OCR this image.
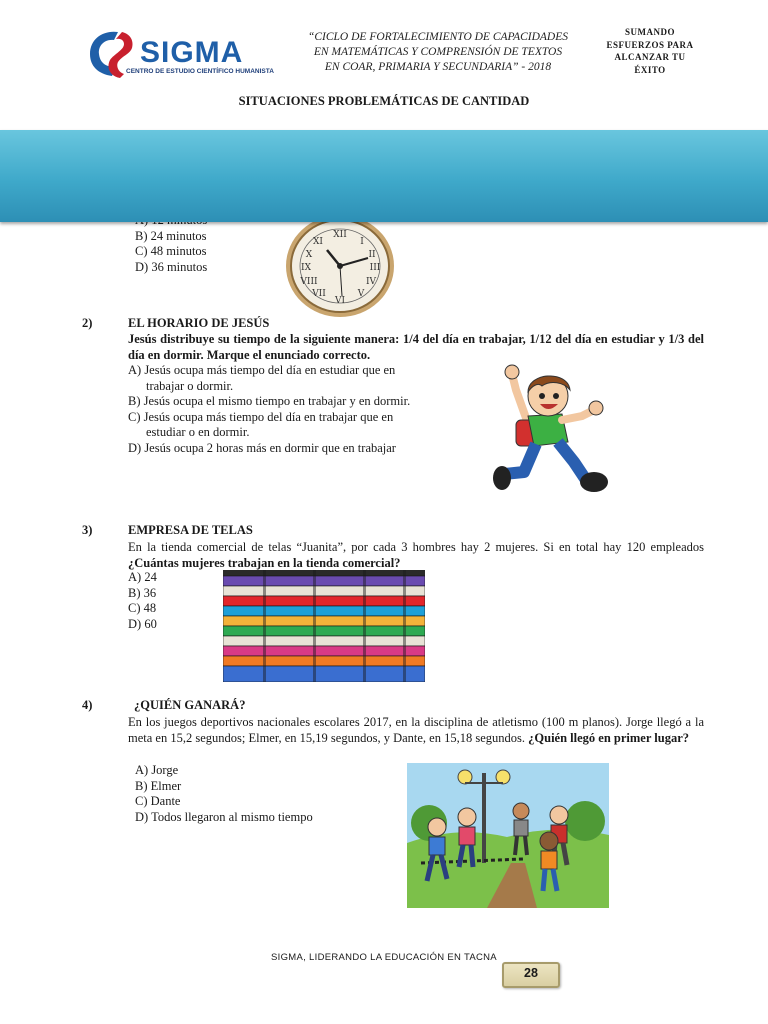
SIGMA
CENTRO DE ESTUDIO CIENTÍFICO HUMANISTA
“CICLO DE FORTALECIMIENTO DE CAPACIDADES
EN MATEMÁTICAS Y COMPRENSIÓN DE TEXTOS
EN COAR, PRIMARIA Y SECUNDARIA” - 2018
SUMANDO
ESFUERZOS PARA
ALCANZAR TU
ÉXITO
SITUACIONES PROBLEMÁTICAS DE CANTIDAD
B) 24 minutos
C) 48 minutos
D) 36 minutos
XII
I
II
III
IV
V
VI
VII
VIII
IX
X
XI
2)	EL HORARIO DE JESÚS
Jesús distribuye su tiempo de la siguiente manera: 1/4 del día en trabajar, 1/12 del día en estudiar y 1/3 del día en dormir. Marque el enunciado correcto.
A) Jesús ocupa más tiempo del día en estudiar que en
trabajar o dormir.
B) Jesús ocupa el mismo tiempo en trabajar y en dormir.
C) Jesús ocupa más tiempo del día en trabajar que en
estudiar o en dormir.
D) Jesús ocupa 2 horas más en dormir que en trabajar
3)	EMPRESA DE TELAS
En la tienda comercial de telas “Juanita”, por cada 3 hombres hay 2 mujeres. Si en total hay 120 empleados ¿Cuántas mujeres trabajan en la tienda comercial?
A) 24
B) 36
C) 48
D) 60
4)	¿QUIÉN GANARÁ?
En los juegos deportivos nacionales escolares 2017, en la disciplina de atletismo (100 m planos). Jorge llegó a la meta en 15,2 segundos; Elmer, en 15,19 segundos, y Dante, en 15,18 segundos. ¿Quién llegó en primer lugar?
A) Jorge
B) Elmer
C) Dante
D) Todos llegaron al mismo tiempo
SIGMA, LIDERANDO LA EDUCACIÓN EN TACNA
28
